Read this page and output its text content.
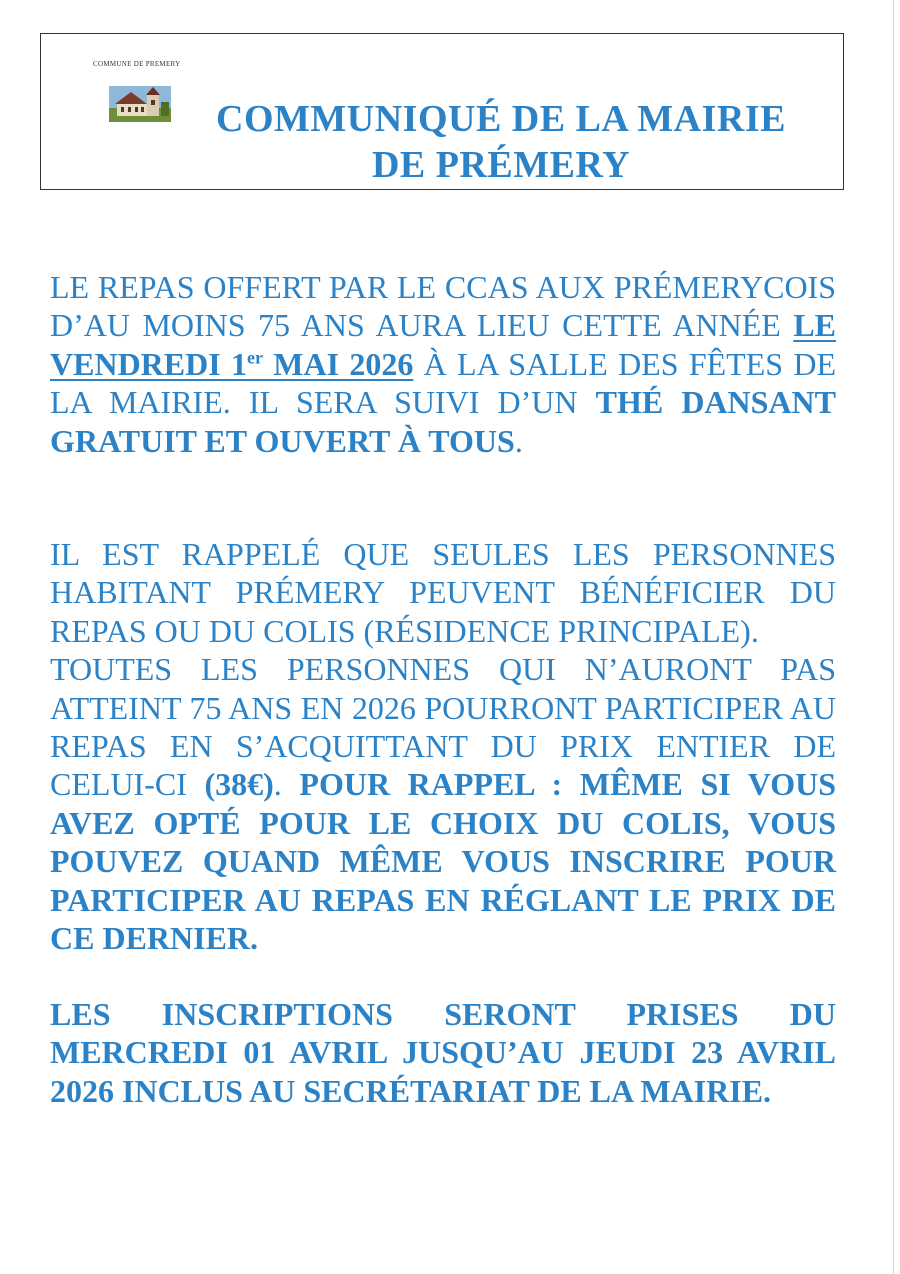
COMMUNE DE PREMERY
COMMUNIQUÉ DE LA MAIRIE
DE PRÉMERY

LE REPAS OFFERT PAR LE CCAS AUX PRÉMERYCOIS D’AU MOINS 75 ANS AURA LIEU CETTE ANNÉE LE VENDREDI 1er MAI 2026 À LA SALLE DES FÊTES DE LA MAIRIE. IL SERA SUIVI D’UN THÉ DANSANT GRATUIT ET OUVERT À TOUS.

IL EST RAPPELÉ QUE SEULES LES PERSONNES HABITANT PRÉMERY PEUVENT BÉNÉFICIER DU REPAS OU DU COLIS (RÉSIDENCE PRINCIPALE).
TOUTES LES PERSONNES QUI N’AURONT PAS ATTEINT 75 ANS EN 2026 POURRONT PARTICIPER AU REPAS EN S’ACQUITTANT DU PRIX ENTIER DE CELUI-CI (38€). POUR RAPPEL : MÊME SI VOUS AVEZ OPTÉ POUR LE CHOIX DU COLIS, VOUS POUVEZ QUAND MÊME VOUS INSCRIRE POUR PARTICIPER AU REPAS EN RÉGLANT LE PRIX DE CE DERNIER.

LES INSCRIPTIONS SERONT PRISES DU MERCREDI 01 AVRIL JUSQU’AU JEUDI 23 AVRIL 2026 INCLUS AU SECRÉTARIAT DE LA MAIRIE.
